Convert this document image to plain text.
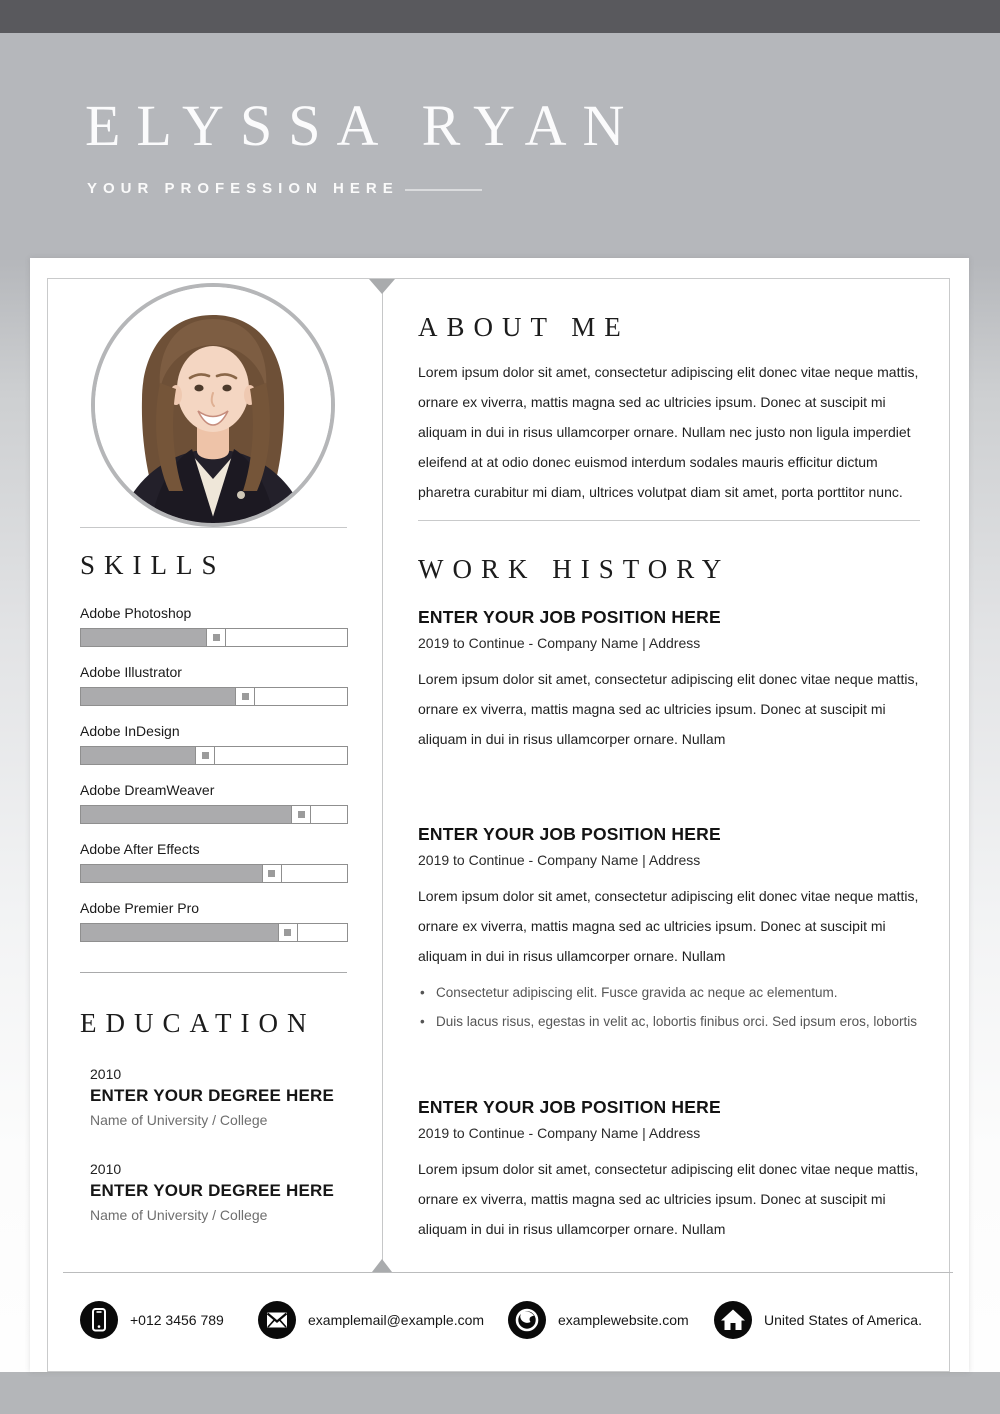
ELYSSA RYAN
YOUR PROFESSION HERE
SKILLS
Adobe Photoshop
Adobe Illustrator
Adobe InDesign
Adobe DreamWeaver
Adobe After Effects
Adobe Premier Pro
EDUCATION
2010
ENTER YOUR DEGREE HERE
Name of University / College
2010
ENTER YOUR DEGREE HERE
Name of University / College
ABOUT ME
Lorem ipsum dolor sit amet, consectetur adipiscing elit donec vitae neque mattis, ornare ex viverra, mattis magna sed ac ultricies ipsum. Donec at suscipit mi aliquam in dui in risus ullamcorper ornare. Nullam nec justo non ligula imperdiet eleifend at at odio donec euismod interdum sodales mauris efficitur dictum pharetra curabitur mi diam, ultrices volutpat diam sit amet, porta porttitor nunc.
WORK HISTORY
ENTER YOUR JOB POSITION HERE
2019 to Continue - Company Name | Address
Lorem ipsum dolor sit amet, consectetur adipiscing elit donec vitae neque mattis, ornare ex viverra, mattis magna sed ac ultricies ipsum. Donec at suscipit mi aliquam in dui in risus ullamcorper ornare. Nullam
ENTER YOUR JOB POSITION HERE
2019 to Continue - Company Name | Address
Lorem ipsum dolor sit amet, consectetur adipiscing elit donec vitae neque mattis, ornare ex viverra, mattis magna sed ac ultricies ipsum. Donec at suscipit mi aliquam in dui in risus ullamcorper ornare. Nullam
• Consectetur adipiscing elit. Fusce gravida ac neque ac elementum.
• Duis lacus risus, egestas in velit ac, lobortis finibus orci. Sed ipsum eros, lobortis
ENTER YOUR JOB POSITION HERE
2019 to Continue - Company Name | Address
Lorem ipsum dolor sit amet, consectetur adipiscing elit donec vitae neque mattis, ornare ex viverra, mattis magna sed ac ultricies ipsum. Donec at suscipit mi aliquam in dui in risus ullamcorper ornare. Nullam
+012 3456 789	examplemail@example.com	examplewebsite.com	United States of America.
